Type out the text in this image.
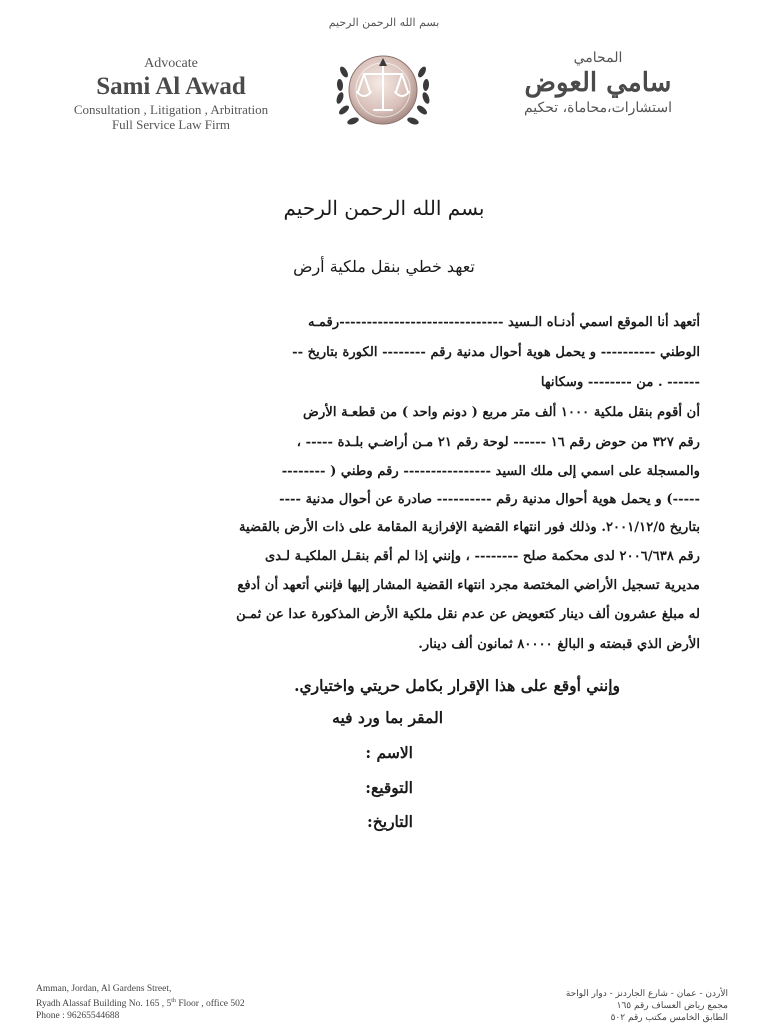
بسم الله الرحمن الرحيم
Advocate
Sami Al Awad
Consultation , Litigation , Arbitration
Full Service Law Firm
المحامي
سامي العوض
استشارات،محاماة، تحكيم
بسم الله الرحمن الرحيم
تعهد خطي بنقل ملكية أرض
أتعهد أنا الموقع اسمي أدنـاه الـسيد ------------------------------رقمـه
الوطني ---------- و يحمل هوية أحوال مدنية رقم -------- الكورة بتاريخ --
------ . من -------- وسكانها
أن أقوم بنقل ملكية ١٠٠٠ ألف متر مربع ( دونم واحد ) من قطعـة الأرض
رقم ٣٢٧ من حوض رقم ١٦ ------ لوحة رقم ٢١ مـن أراضـي بلـدة ----- ،
والمسجلة على اسمي إلى ملك السيد ---------------- رقم وطني ( --------
-----) و يحمل هوية أحوال مدنية رقم ---------- صادرة عن أحوال مدنية ----
بتاريخ ٢٠٠١/١٢/٥. وذلك فور انتهاء القضية الإفرازية المقامة على ذات الأرض بالقضية
رقم ٢٠٠٦/٦٣٨ لدى محكمة صلح -------- ، وإنني إذا لم أقم بنقـل الملكيـة لـدى
مديرية تسجيل الأراضي المختصة مجرد انتهاء القضية المشار إليها فإنني أتعهد أن أدفع
له مبلغ عشرون ألف دينار كتعويض عن عدم نقل ملكية الأرض المذكورة عدا عن ثمـن
الأرض الذي قبضته و البالغ ٨٠٠٠٠ ثمانون ألف دينار.
وإنني أوقع على هذا الإقرار بكامل حريتي واختياري.
المقر بما ورد فيه
الاسم :
التوقيع:
التاريخ:
Amman, Jordan, Al Gardens Street,
Ryadh Alassaf Building No. 165 , 5th Floor , office 502
Phone : 96265544688
الأردن - عمان - شارع الجاردنز - دوار الواحة
مجمع رياض العساف رقم ١٦٥
الطابق الخامس مكتب رقم ٥٠٢
